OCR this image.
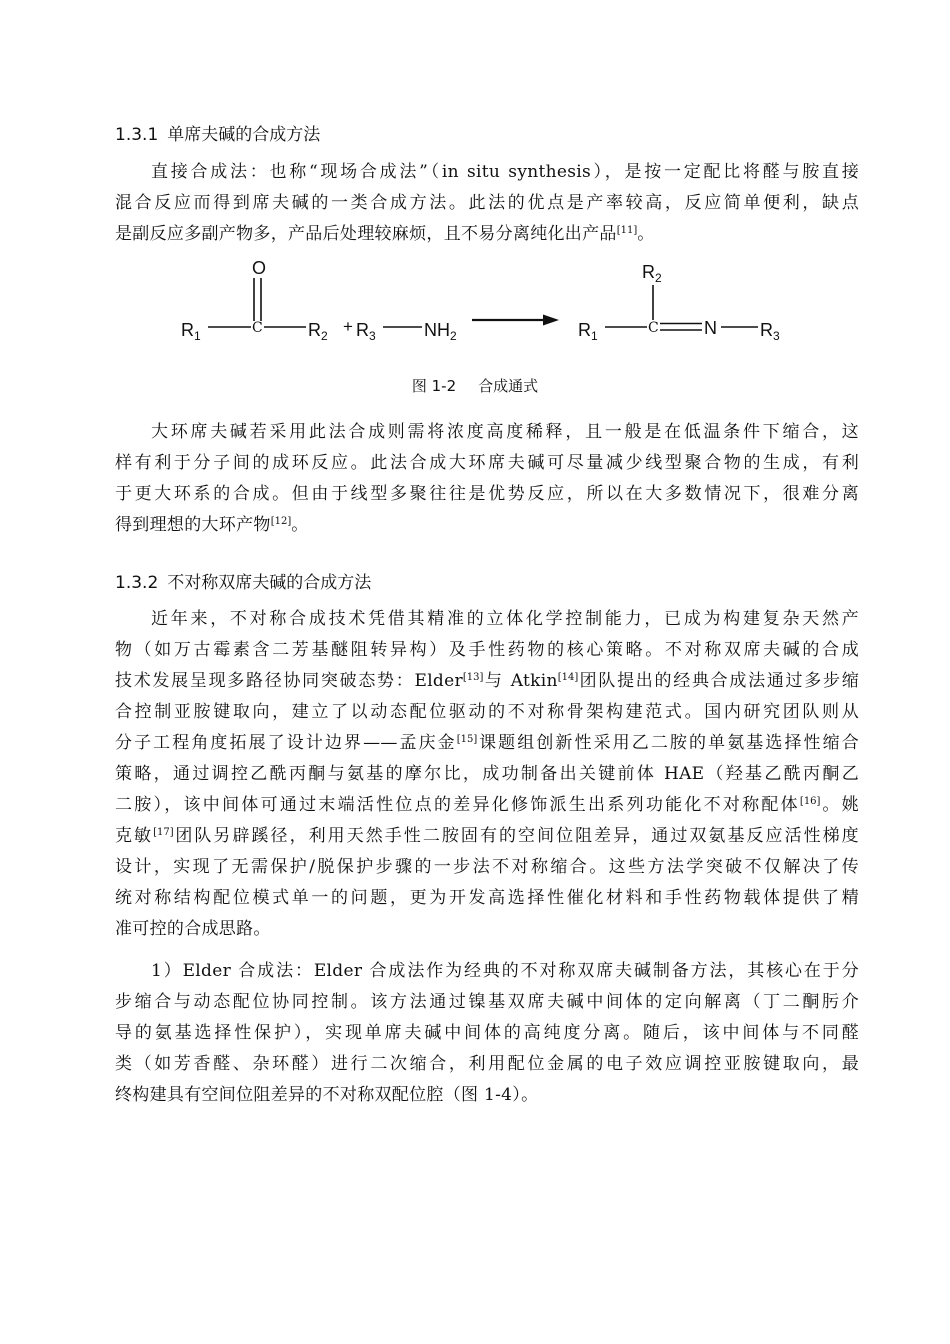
1.3.1 单席夫碱的合成方法
直接合成法：也称“现场合成法”（in situ synthesis），是按一定配比将醛与胺直接
混合反应而得到席夫碱的一类合成方法。此法的优点是产率较高，反应简单便利，缺点
是副反应多副产物多，产品后处理较麻烦，且不易分离纯化出产品[11]。
O
$R_1$	C	$R_2 + R_3$	$NH_2$
$R_2$
$R_1$	C	N $R_3$
图 1-2 合成通式
大环席夫碱若采用此法合成则需将浓度高度稀释，且一般是在低温条件下缩合，这
样有利于分子间的成环反应。此法合成大环席夫碱可尽量减少线型聚合物的生成，有利
于更大环系的合成。但由于线型多聚往往是优势反应，所以在大多数情况下，很难分离
得到理想的大环产物[12]。
1.3.2 不对称双席夫碱的合成方法
近年来，不对称合成技术凭借其精准的立体化学控制能力，已成为构建复杂天然产
物（如万古霉素含二芳基醚阻转异构）及手性药物的核心策略。不对称双席夫碱的合成
技术发展呈现多路径协同突破态势：Elder[13]与 Atkin[14]团队提出的经典合成法通过多步缩
合控制亚胺键取向，建立了以动态配位驱动的不对称骨架构建范式。国内研究团队则从
分子工程角度拓展了设计边界——孟庆金[15]课题组创新性采用乙二胺的单氨基选择性缩合
策略，通过调控乙酰丙酮与氨基的摩尔比，成功制备出关键前体 HAE（羟基乙酰丙酮乙
二胺），该中间体可通过末端活性位点的差异化修饰派生出系列功能化不对称配体[16]。姚
克敏[17]团队另辟蹊径，利用天然手性二胺固有的空间位阻差异，通过双氨基反应活性梯度
设计，实现了无需保护/脱保护步骤的一步法不对称缩合。这些方法学突破不仅解决了传
统对称结构配位模式单一的问题，更为开发高选择性催化材料和手性药物载体提供了精
准可控的合成思路。
1）Elder 合成法：Elder 合成法作为经典的不对称双席夫碱制备方法，其核心在于分
步缩合与动态配位协同控制。该方法通过镍基双席夫碱中间体的定向解离（丁二酮肟介
导的氨基选择性保护），实现单席夫碱中间体的高纯度分离。随后，该中间体与不同醛
类（如芳香醛、杂环醛）进行二次缩合，利用配位金属的电子效应调控亚胺键取向，最
终构建具有空间位阻差异的不对称双配位腔（图 1-4）。
